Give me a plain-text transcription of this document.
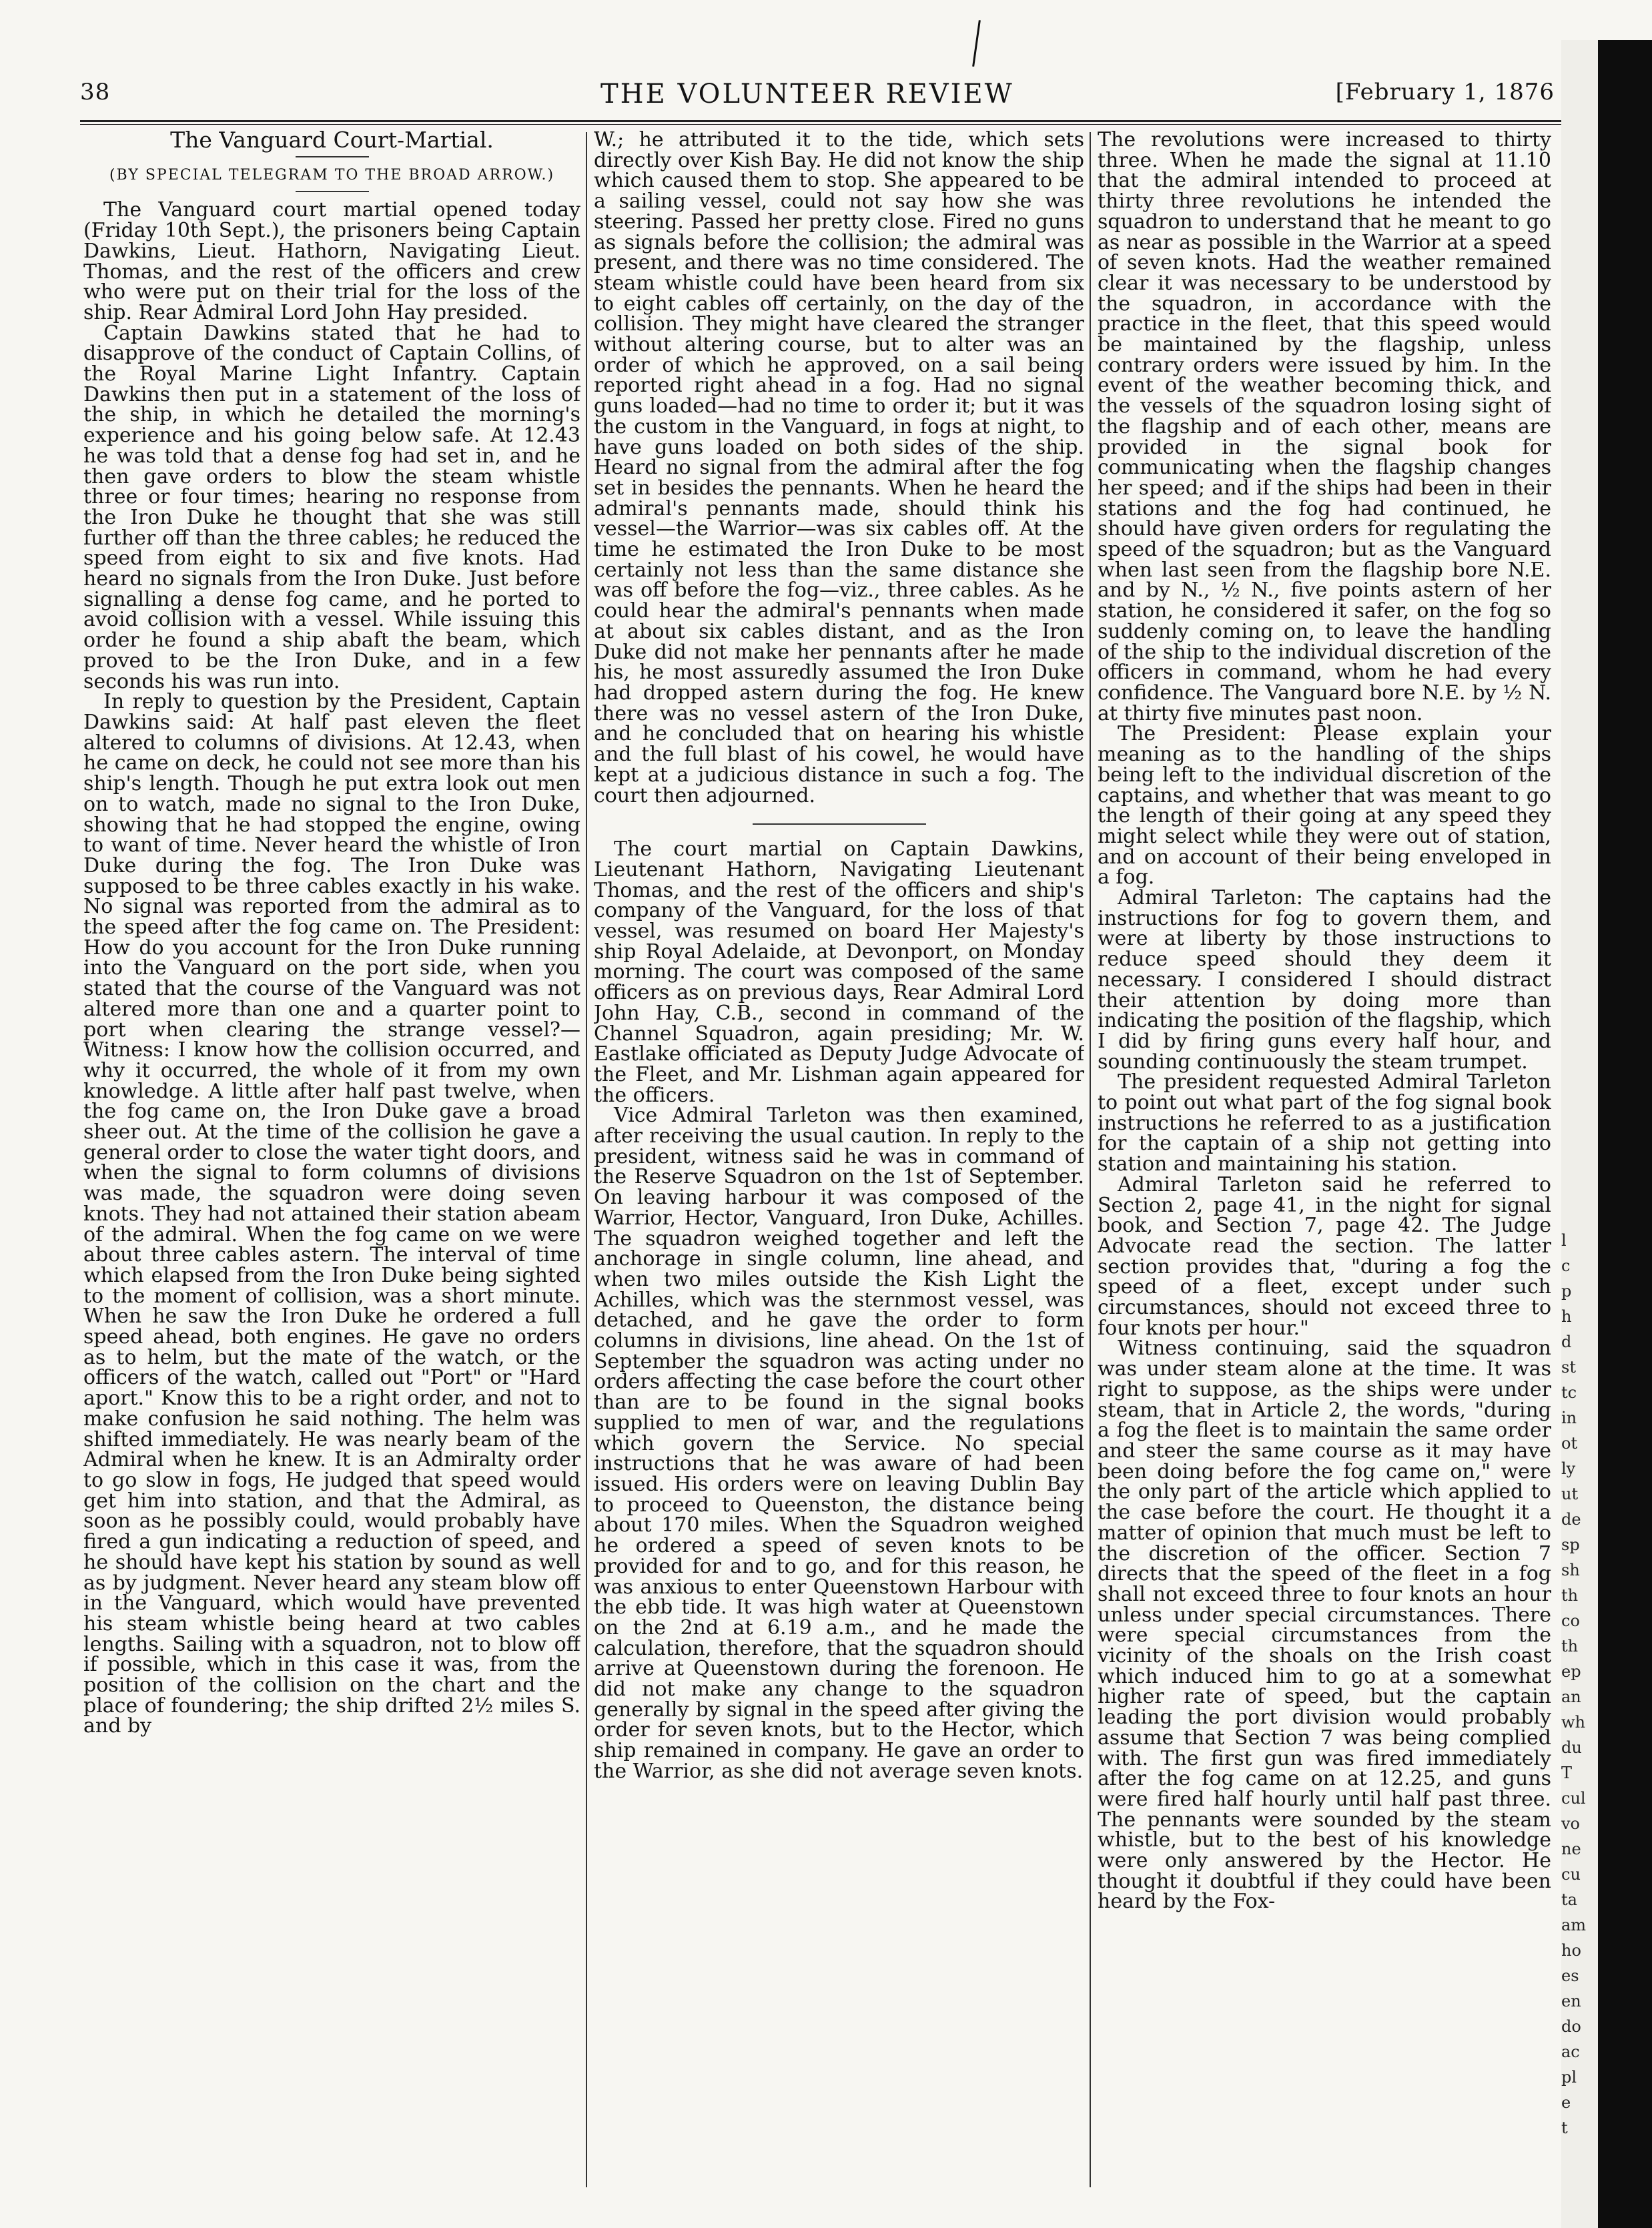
38	THE VOLUNTEER REVIEW	[February 1, 1876
The Vanguard Court-Martial.
(BY SPECIAL TELEGRAM TO THE BROAD ARROW.)

The Vanguard court martial opened today (Friday 10th Sept.), the prisoners being Captain Dawkins, Lieut. Hathorn, Navigating Lieut. Thomas, and the rest of the officers and crew who were put on their trial for the loss of the ship. Rear Admiral Lord John Hay presided.

Captain Dawkins stated that he had to disapprove of the conduct of Captain Collins, of the Royal Marine Light Infantry. Captain Dawkins then put in a statement of the loss of the ship, in which he detailed the morning's experience and his going below safe. At 12.43 he was told that a dense fog had set in, and he then gave orders to blow the steam whistle three or four times; hearing no response from the Iron Duke he thought that she was still further off than the three cables; he reduced the speed from eight to six and five knots. Had heard no signals from the Iron Duke. Just before signalling a dense fog came, and he ported to avoid collision with a vessel. While issuing this order he found a ship abaft the beam, which proved to be the Iron Duke, and in a few seconds his was run into.

In reply to question by the President, Captain Dawkins said: At half past eleven the fleet altered to columns of divisions. At 12.43, when he came on deck, he could not see more than his ship's length. Though he put extra look out men on to watch, made no signal to the Iron Duke, showing that he had stopped the engine, owing to want of time. Never heard the whistle of Iron Duke during the fog. The Iron Duke was supposed to be three cables exactly in his wake. No signal was reported from the admiral as to the speed after the fog came on. The President: How do you account for the Iron Duke running into the Vanguard on the port side, when you stated that the course of the Vanguard was not altered more than one and a quarter point to port when clearing the strange vessel?—Witness: I know how the collision occurred, and why it occurred, the whole of it from my own knowledge. A little after half past twelve, when the fog came on, the Iron Duke gave a broad sheer out. At the time of the collision he gave a general order to close the water tight doors, and when the signal to form columns of divisions was made, the squadron were doing seven knots. They had not attained their station abeam of the admiral. When the fog came on we were about three cables astern. The interval of time which elapsed from the Iron Duke being sighted to the moment of collision, was a short minute. When he saw the Iron Duke he ordered a full speed ahead, both engines. He gave no orders as to helm, but the mate of the watch, or the officers of the watch, called out "Port" or "Hard aport." Know this to be a right order, and not to make confusion he said nothing. The helm was shifted immediately. He was nearly beam of the Admiral when he knew. It is an Admiralty order to go slow in fogs, He judged that speed would get him into station, and that the Admiral, as soon as he possibly could, would probably have fired a gun indicating a reduction of speed, and he should have kept his station by sound as well as by judgment. Never heard any steam blow off in the Vanguard, which would have prevented his steam whistle being heard at two cables lengths. Sailing with a squadron, not to blow off if possible, which in this case it was, from the position of the collision on the chart and the place of foundering; the ship drifted 2½ miles S. and by

W.; he attributed it to the tide, which sets directly over Kish Bay. He did not know the ship which caused them to stop. She appeared to be a sailing vessel, could not say how she was steering. Passed her pretty close. Fired no guns as signals before the collision; the admiral was present, and there was no time considered. The steam whistle could have been heard from six to eight cables off certainly, on the day of the collision. They might have cleared the stranger without altering course, but to alter was an order of which he approved, on a sail being reported right ahead in a fog. Had no signal guns loaded—had no time to order it; but it was the custom in the Vanguard, in fogs at night, to have guns loaded on both sides of the ship. Heard no signal from the admiral after the fog set in besides the pennants. When he heard the admiral's pennants made, should think his vessel—the Warrior—was six cables off. At the time he estimated the Iron Duke to be most certainly not less than the same distance she was off before the fog—viz., three cables. As he could hear the admiral's pennants when made at about six cables distant, and as the Iron Duke did not make her pennants after he made his, he most assuredly assumed the Iron Duke had dropped astern during the fog. He knew there was no vessel astern of the Iron Duke, and he concluded that on hearing his whistle and the full blast of his cowel, he would have kept at a judicious distance in such a fog. The court then adjourned.

The court martial on Captain Dawkins, Lieutenant Hathorn, Navigating Lieutenant Thomas, and the rest of the officers and ship's company of the Vanguard, for the loss of that vessel, was resumed on board Her Majesty's ship Royal Adelaide, at Devonport, on Monday morning. The court was composed of the same officers as on previous days, Rear Admiral Lord John Hay, C.B., second in command of the Channel Squadron, again presiding; Mr. W. Eastlake officiated as Deputy Judge Advocate of the Fleet, and Mr. Lishman again appeared for the officers.

Vice Admiral Tarleton was then examined, after receiving the usual caution. In reply to the president, witness said he was in command of the Reserve Squadron on the 1st of September. On leaving harbour it was composed of the Warrior, Hector, Vanguard, Iron Duke, Achilles. The squadron weighed together and left the anchorage in single column, line ahead, and when two miles outside the Kish Light the Achilles, which was the sternmost vessel, was detached, and he gave the order to form columns in divisions, line ahead. On the 1st of September the squadron was acting under no orders affecting the case before the court other than are to be found in the signal books supplied to men of war, and the regulations which govern the Service. No special instructions that he was aware of had been issued. His orders were on leaving Dublin Bay to proceed to Queenston, the distance being about 170 miles. When the Squadron weighed he ordered a speed of seven knots to be provided for and to go, and for this reason, he was anxious to enter Queenstown Harbour with the ebb tide. It was high water at Queenstown on the 2nd at 6.19 a.m., and he made the calculation, therefore, that the squadron should arrive at Queenstown during the forenoon. He did not make any change to the squadron generally by signal in the speed after giving the order for seven knots, but to the Hector, which ship remained in company. He gave an order to the Warrior, as she did not average seven knots.

The revolutions were increased to thirty three. When he made the signal at 11.10 that the admiral intended to proceed at thirty three revolutions he intended the squadron to understand that he meant to go as near as possible in the Warrior at a speed of seven knots. Had the weather remained clear it was necessary to be understood by the squadron, in accordance with the practice in the fleet, that this speed would be maintained by the flagship, unless contrary orders were issued by him. In the event of the weather becoming thick, and the vessels of the squadron losing sight of the flagship and of each other, means are provided in the signal book for communicating when the flagship changes her speed; and if the ships had been in their stations and the fog had continued, he should have given orders for regulating the speed of the squadron; but as the Vanguard when last seen from the flagship bore N.E. and by N., ½ N., five points astern of her station, he considered it safer, on the fog so suddenly coming on, to leave the handling of the ship to the individual discretion of the officers in command, whom he had every confidence. The Vanguard bore N.E. by ½ N. at thirty five minutes past noon.

The President: Please explain your meaning as to the handling of the ships being left to the individual discretion of the captains, and whether that was meant to go the length of their going at any speed they might select while they were out of station, and on account of their being enveloped in a fog.

Admiral Tarleton: The captains had the instructions for fog to govern them, and were at liberty by those instructions to reduce speed should they deem it necessary. I considered I should distract their attention by doing more than indicating the position of the flagship, which I did by firing guns every half hour, and sounding continuously the steam trumpet.

The president requested Admiral Tarleton to point out what part of the fog signal book instructions he referred to as a justification for the captain of a ship not getting into station and maintaining his station.

Admiral Tarleton said he referred to Section 2, page 41, in the night for signal book, and Section 7, page 42. The Judge Advocate read the section. The latter section provides that, "during a fog the speed of a fleet, except under such circumstances, should not exceed three to four knots per hour."

Witness continuing, said the squadron was under steam alone at the time. It was right to suppose, as the ships were under steam, that in Article 2, the words, "during a fog the fleet is to maintain the same order and steer the same course as it may have been doing before the fog came on," were the only part of the article which applied to the case before the court. He thought it a matter of opinion that much must be left to the discretion of the officer. Section 7 directs that the speed of the fleet in a fog shall not exceed three to four knots an hour unless under special circumstances. There were special circumstances from the vicinity of the shoals on the Irish coast which induced him to go at a somewhat higher rate of speed, but the captain leading the port division would probably assume that Section 7 was being complied with. The first gun was fired immediately after the fog came on at 12.25, and guns were fired half hourly until half past three. The pennants were sounded by the steam whistle, but to the best of his knowledge were only answered by the Hector. He thought it doubtful if they could have been heard by the Fox-

l
c
p
h
d
st
tc
in
ot
ly
ut
de
sp
sh
th
co
th
ep
an
wh
du
T
cul
vo
ne
cu
ta
am
ho
es
en
do
ac
pl
e
t
